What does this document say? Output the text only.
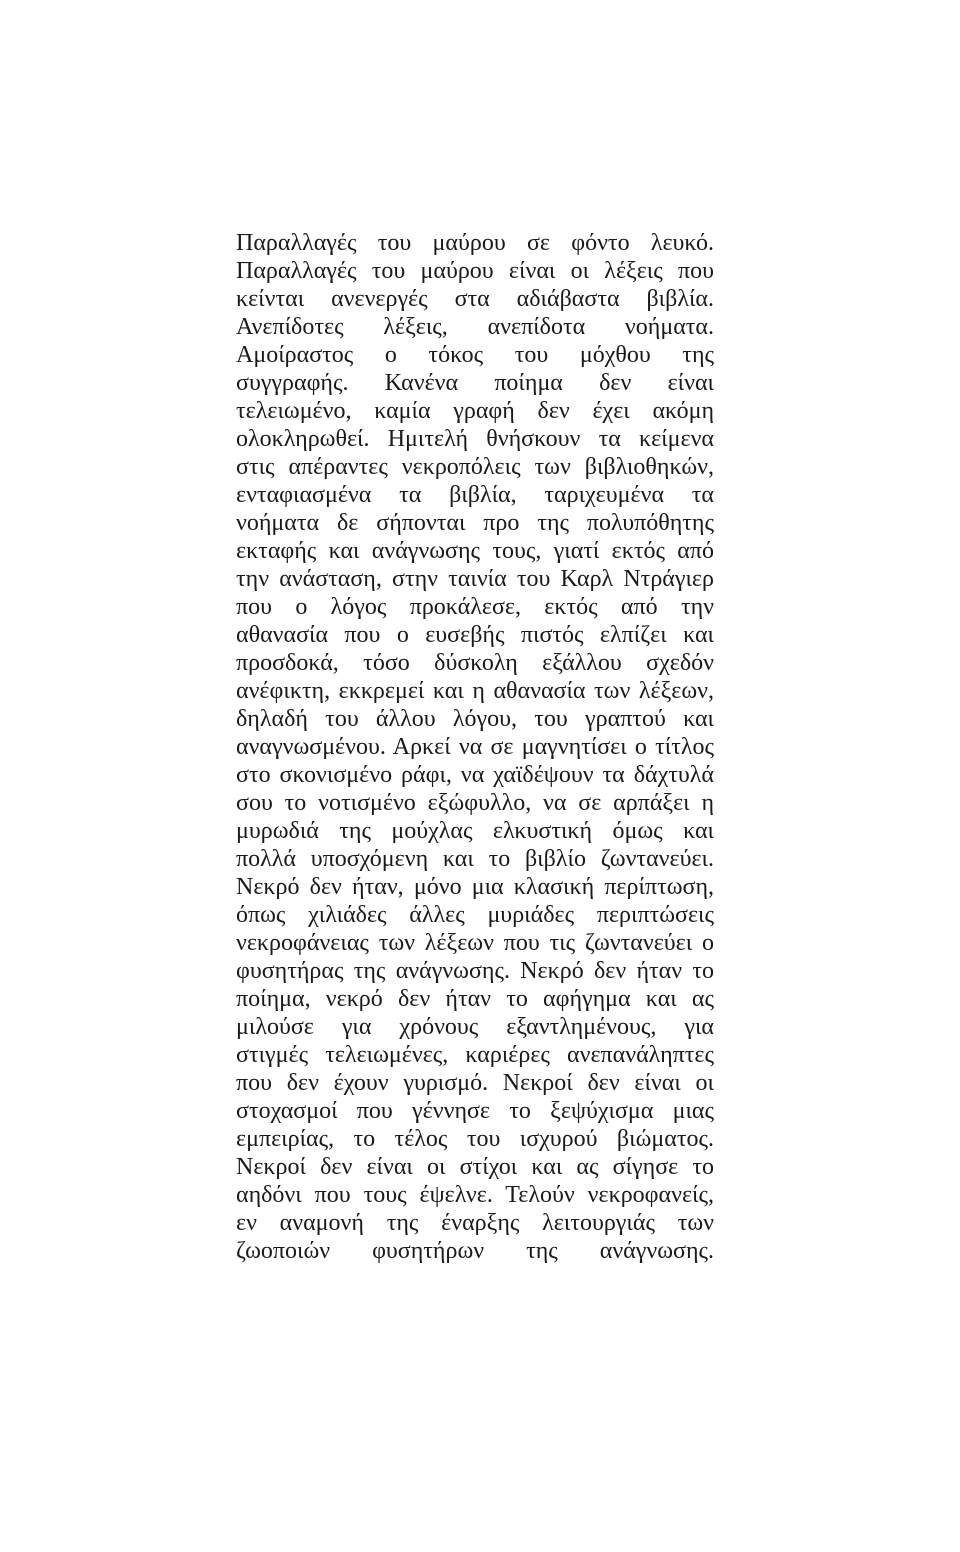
Παραλλαγές του μαύρου σε φόντο λευκό.
Παραλλαγές του μαύρου είναι οι λέξεις που
κείνται ανενεργές στα αδιάβαστα βιβλία.
Ανεπίδοτες λέξεις, ανεπίδοτα νοήματα.
Αμοίραστος ο τόκος του μόχθου της
συγγραφής. Κανένα ποίημα δεν είναι
τελειωμένο, καμία γραφή δεν έχει ακόμη
ολοκληρωθεί. Ημιτελή θνήσκουν τα κείμενα
στις απέραντες νεκροπόλεις των βιβλιοθηκών,
ενταφιασμένα τα βιβλία, ταριχευμένα τα
νοήματα δε σήπονται προ της πολυπόθητης
εκταφής και ανάγνωσης τους, γιατί εκτός από
την ανάσταση, στην ταινία του Καρλ Ντράγιερ
που ο λόγος προκάλεσε, εκτός από την
αθανασία που ο ευσεβής πιστός ελπίζει και
προσδοκά, τόσο δύσκολη εξάλλου σχεδόν
ανέφικτη, εκκρεμεί και η αθανασία των λέξεων,
δηλαδή του άλλου λόγου, του γραπτού και
αναγνωσμένου. Αρκεί να σε μαγνητίσει ο τίτλος
στο σκονισμένο ράφι, να χαϊδέψουν τα δάχτυλά
σου το νοτισμένο εξώφυλλο, να σε αρπάξει η
μυρωδιά της μούχλας ελκυστική όμως και
πολλά υποσχόμενη και το βιβλίο ζωντανεύει.
Νεκρό δεν ήταν, μόνο μια κλασική περίπτωση,
όπως χιλιάδες άλλες μυριάδες περιπτώσεις
νεκροφάνειας των λέξεων που τις ζωντανεύει ο
φυσητήρας της ανάγνωσης. Νεκρό δεν ήταν το
ποίημα, νεκρό δεν ήταν το αφήγημα και ας
μιλούσε για χρόνους εξαντλημένους, για
στιγμές τελειωμένες, καριέρες ανεπανάληπτες
που δεν έχουν γυρισμό. Νεκροί δεν είναι οι
στοχασμοί που γέννησε το ξεψύχισμα μιας
εμπειρίας, το τέλος του ισχυρού βιώματος.
Νεκροί δεν είναι οι στίχοι και ας σίγησε το
αηδόνι που τους έψελνε. Τελούν νεκροφανείς,
εν αναμονή της έναρξης λειτουργιάς των
ζωοποιών φυσητήρων της ανάγνωσης.
